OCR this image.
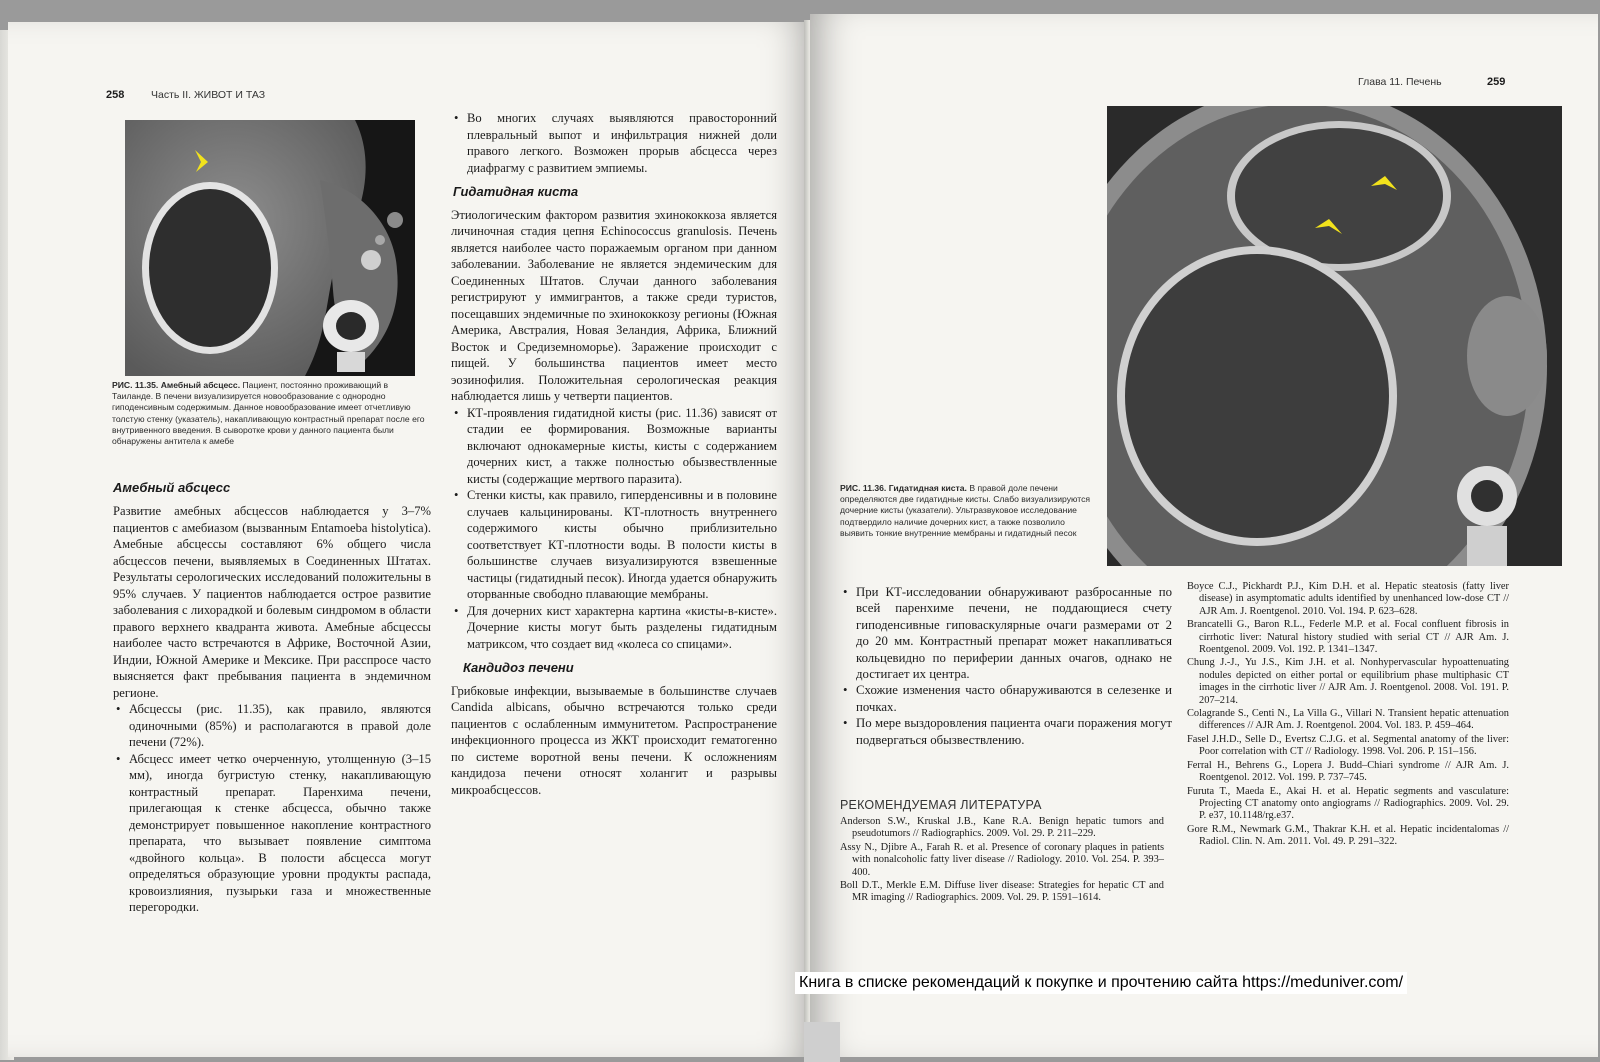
258	Часть II. ЖИВОТ И ТАЗ
РИС. 11.35. Амебный абсцесс. Пациент, постоянно проживающий в Таиланде. В печени визуализируется новообразование с однородно гиподенсивным содержимым. Данное новообразование имеет отчетливую толстую стенку (указатель), накапливающую контрастный препарат после его внутривенного введения. В сыворотке крови у данного пациента были обнаружены антитела к амебе
Амебный абсцесс

Развитие амебных абсцессов наблюдается у 3–7% пациентов с амебиазом (вызванным Entamoeba histolytica). Амебные абсцессы составляют 6% общего числа абсцессов печени, выявляемых в Соединенных Штатах. Результаты серологических исследований положительны в 95% случаев. У пациентов наблюдается острое развитие заболевания с лихорадкой и болевым синдромом в области правого верхнего квадранта живота. Амебные абсцессы наиболее часто встречаются в Африке, Восточной Азии, Индии, Южной Америке и Мексике. При расспросе часто выясняется факт пребывания пациента в эндемичном регионе.

• Абсцессы (рис. 11.35), как правило, являются одиночными (85%) и располагаются в правой доле печени (72%).
• Абсцесс имеет четко очерченную, утолщенную (3–15 мм), иногда бугристую стенку, накапливающую контрастный препарат. Паренхима печени, прилегающая к стенке абсцесса, обычно также демонстрирует повышенное накопление контрастного препарата, что вызывает появление симптома «двойного кольца». В полости абсцесса могут определяться образующие уровни продукты распада, кровоизлияния, пузырьки газа и множественные перегородки.
• Во многих случаях выявляются правосторонний плевральный выпот и инфильтрация нижней доли правого легкого. Возможен прорыв абсцесса через диафрагму с развитием эмпиемы.
Гидатидная киста

Этиологическим фактором развития эхинококкоза является личиночная стадия цепня Echinococcus granulosis. Печень является наиболее часто поражаемым органом при данном заболевании. Заболевание не является эндемическим для Соединенных Штатов. Случаи данного заболевания регистрируют у иммигрантов, а также среди туристов, посещавших эндемичные по эхинококкозу регионы (Южная Америка, Австралия, Новая Зеландия, Африка, Ближний Восток и Средиземноморье). Заражение происходит с пищей. У большинства пациентов имеет место эозинофилия. Положительная серологическая реакция наблюдается лишь у четверти пациентов.

• КТ-проявления гидатидной кисты (рис. 11.36) зависят от стадии ее формирования. Возможные варианты включают однокамерные кисты, кисты с содержанием дочерних кист, а также полностью обызвествленные кисты (содержащие мертвого паразита).
• Стенки кисты, как правило, гиперденсивны и в половине случаев кальцинированы. КТ-плотность внутреннего содержимого кисты обычно приблизительно соответствует КТ-плотности воды. В полости кисты в большинстве случаев визуализируются взвешенные частицы (гидатидный песок). Иногда удается обнаружить оторванные свободно плавающие мембраны.
• Для дочерних кист характерна картина «кисты-в-кисте». Дочерние кисты могут быть разделены гидатидным матриксом, что создает вид «колеса со спицами».
Кандидоз печени

Грибковые инфекции, вызываемые в большинстве случаев Candida albicans, обычно встречаются только среди пациентов с ослабленным иммунитетом. Распространение инфекционного процесса из ЖКТ происходит гематогенно по системе воротной вены печени. К осложнениям кандидоза печени относят холангит и разрывы микроабсцессов.

Глава 11. Печень	259
РИС. 11.36. Гидатидная киста. В правой доле печени определяются две гидатидные кисты. Слабо визуализируются дочерние кисты (указатели). Ультразвуковое исследование подтвердило наличие дочерних кист, а также позволило выявить тонкие внутренние мембраны и гидатидный песок
• При КТ-исследовании обнаруживают разбросанные по всей паренхиме печени, не поддающиеся счету гиподенсивные гиповаскулярные очаги размерами от 2 до 20 мм. Контрастный препарат может накапливаться кольцевидно по периферии данных очагов, однако не достигает их центра.
• Схожие изменения часто обнаруживаются в селезенке и почках.
• По мере выздоровления пациента очаги поражения могут подвергаться обызвествлению.
РЕКОМЕНДУЕМАЯ ЛИТЕРАТУРА

Anderson S.W., Kruskal J.B., Kane R.A. Benign hepatic tumors and pseudotumors // Radiographics. 2009. Vol. 29. P. 211–229.

Assy N., Djibre A., Farah R. et al. Presence of coronary plaques in patients with nonalcoholic fatty liver disease // Radiology. 2010. Vol. 254. P. 393–400.

Boll D.T., Merkle E.M. Diffuse liver disease: Strategies for hepatic CT and MR imaging // Radiographics. 2009. Vol. 29. P. 1591–1614.

Boyce C.J., Pickhardt P.J., Kim D.H. et al. Hepatic steatosis (fatty liver disease) in asymptomatic adults identified by unenhanced low-dose CT // AJR Am. J. Roentgenol. 2010. Vol. 194. P. 623–628.

Brancatelli G., Baron R.L., Federle M.P. et al. Focal confluent fibrosis in cirrhotic liver: Natural history studied with serial CT // AJR Am. J. Roentgenol. 2009. Vol. 192. P. 1341–1347.

Chung J.-J., Yu J.S., Kim J.H. et al. Nonhypervascular hypoattenuating nodules depicted on either portal or equilibrium phase multiphasic CT images in the cirrhotic liver // AJR Am. J. Roentgenol. 2008. Vol. 191. P. 207–214.

Colagrande S., Centi N., La Villa G., Villari N. Transient hepatic attenuation differences // AJR Am. J. Roentgenol. 2004. Vol. 183. P. 459–464.

Fasel J.H.D., Selle D., Evertsz C.J.G. et al. Segmental anatomy of the liver: Poor correlation with CT // Radiology. 1998. Vol. 206. P. 151–156.

Ferral H., Behrens G., Lopera J. Budd–Chiari syndrome // AJR Am. J. Roentgenol. 2012. Vol. 199. P. 737–745.

Furuta T., Maeda E., Akai H. et al. Hepatic segments and vasculature: Projecting CT anatomy onto angiograms // Radiographics. 2009. Vol. 29. P. e37, 10.1148/rg.e37.

Gore R.M., Newmark G.M., Thakrar K.H. et al. Hepatic incidentalomas // Radiol. Clin. N. Am. 2011. Vol. 49. P. 291–322.

Книга в списке рекомендаций к покупке и прочтению сайта https://meduniver.com/
